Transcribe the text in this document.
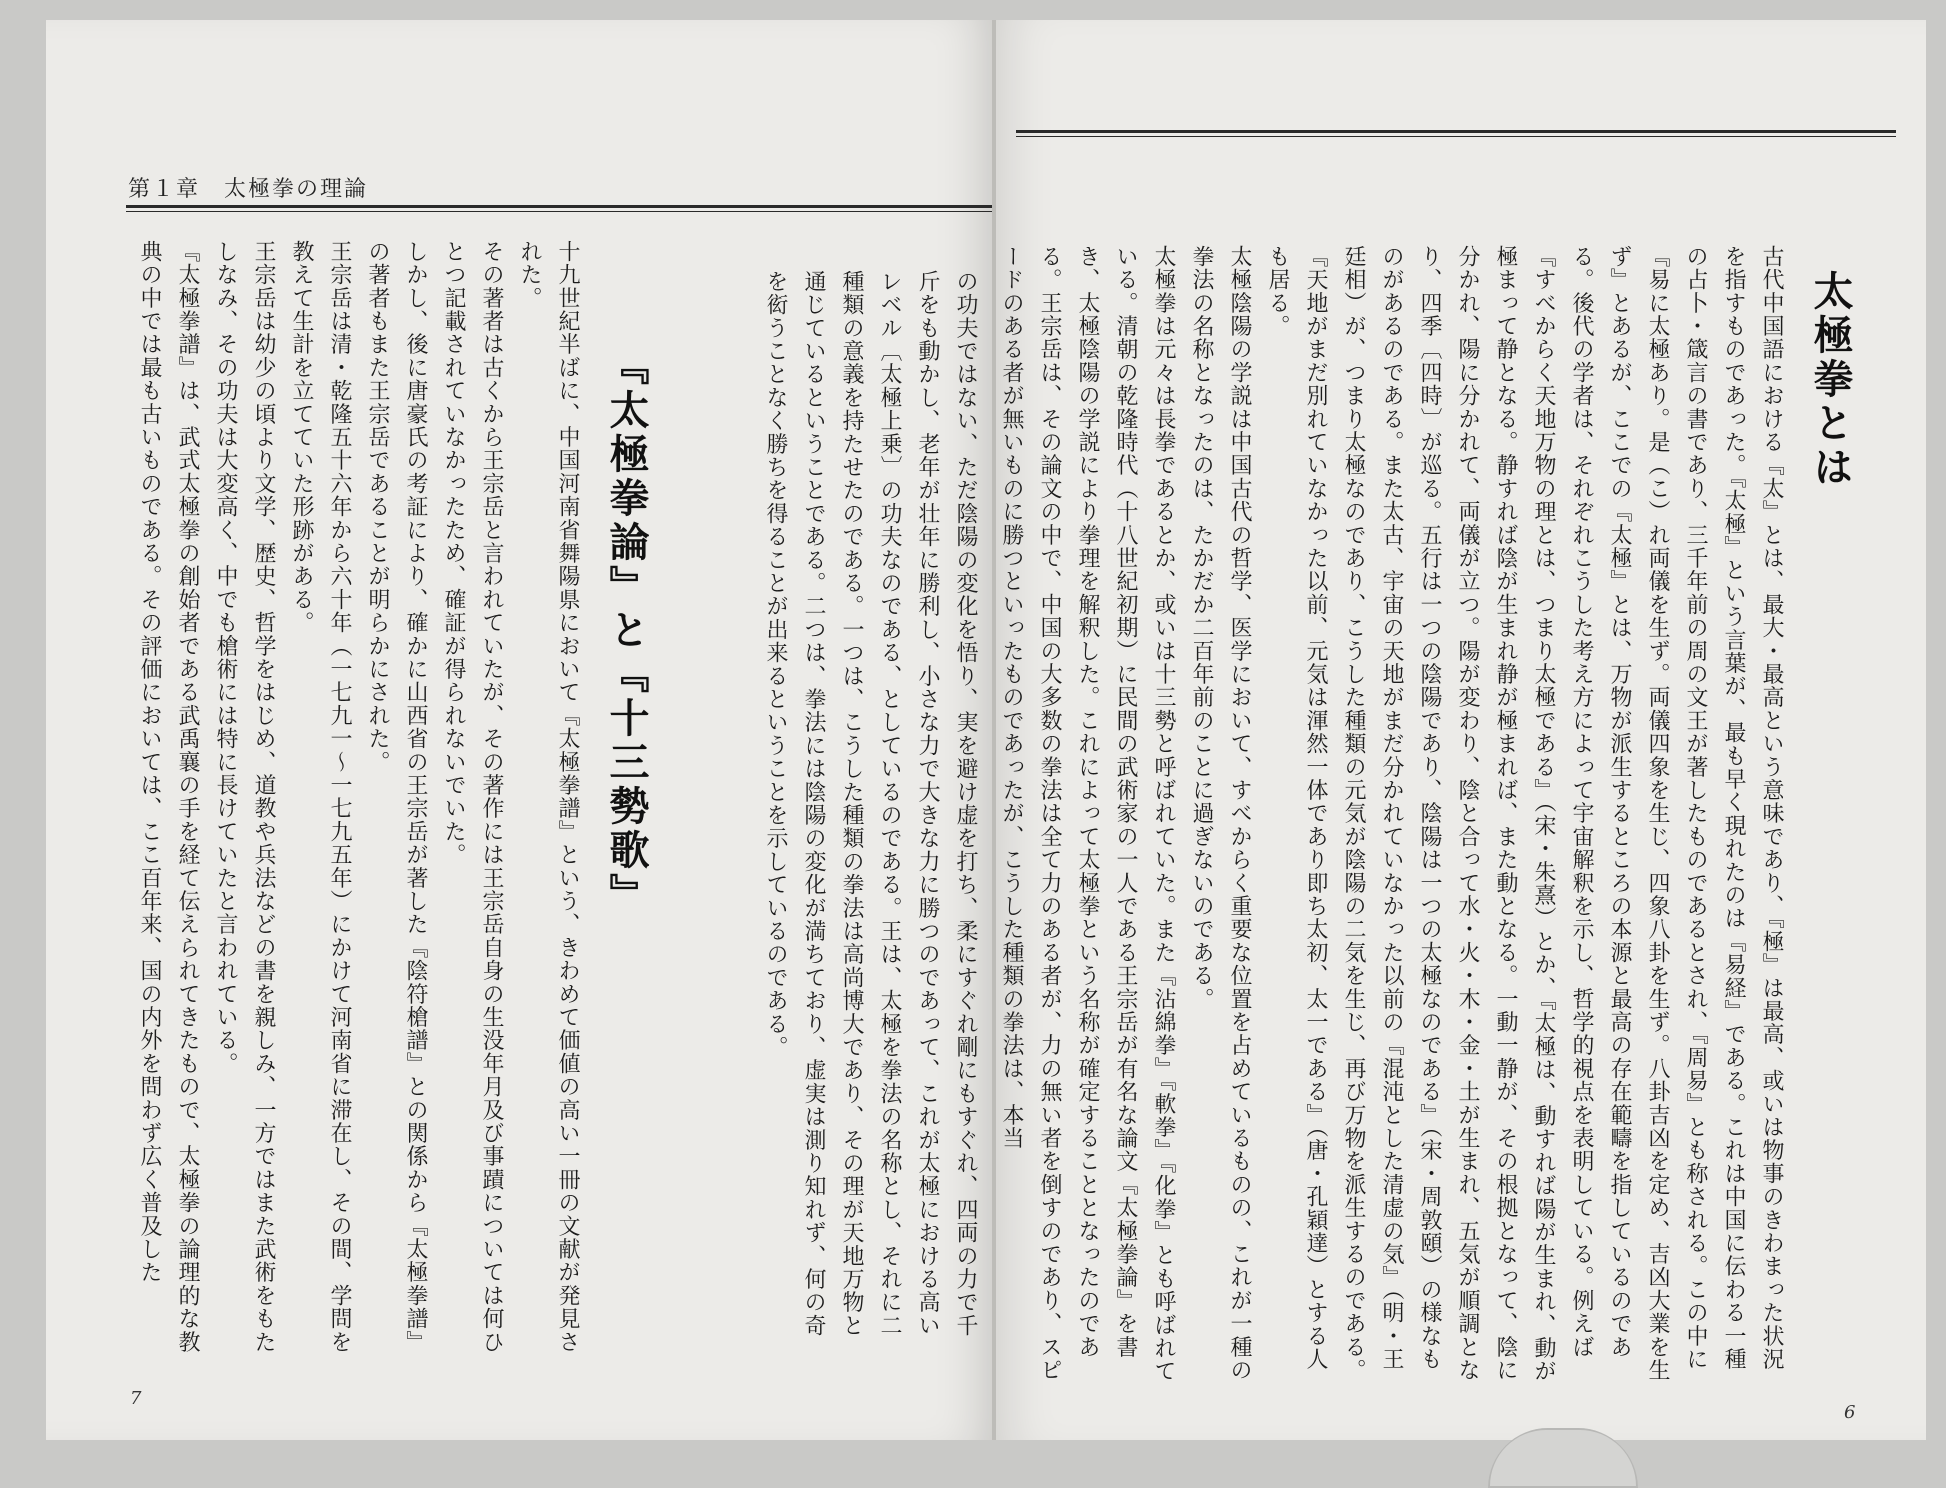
第１章　太極拳の理論

十九世紀半ばに、中国河南省舞陽県において『太極拳譜』という、きわめて価値の高い一冊の文献が発見された。

その著者は古くから王宗岳と言われていたが、その著作には王宗岳自身の生没年月及び事蹟については何ひとつ記載されていなかったため、確証が得られないでいた。

しかし、後に唐豪氏の考証により、確かに山西省の王宗岳が著した『陰符槍譜』との関係から『太極拳譜』の著者もまた王宗岳であることが明らかにされた。

王宗岳は清・乾隆五十六年から六十年（一七九一〜一七九五年）にかけて河南省に滞在し、その間、学問を教えて生計を立てていた形跡がある。

王宗岳は幼少の頃より文学、歴史、哲学をはじめ、道教や兵法などの書を親しみ、一方ではまた武術をもたしなみ、その功夫は大変高く、中でも槍術には特に長けていたと言われている。

『太極拳譜』は、武式太極拳の創始者である武禹襄の手を経て伝えられてきたもので、太極拳の論理的な教典の中では最も古いものである。その評価においては、ここ百年来、国の内外を問わず広く普及した	『太極拳論』と『十三勢歌』	の功夫ではない、ただ陰陽の変化を悟り、実を避け虚を打ち、柔にすぐれ剛にもすぐれ、四両の力で千斤をも動かし、老年が壮年に勝利し、小さな力で大きな力に勝つのであって、これが太極における高いレベル〔太極上乗〕の功夫なのである、としているのである。王は、太極を拳法の名称とし、それに二種類の意義を持たせたのである。一つは、こうした種類の拳法は高尚博大であり、その理が天地万物と通じているということである。二つは、拳法には陰陽の変化が満ちており、虚実は測り知れず、何の奇を衒うことなく勝ちを得ることが出来るということを示しているのである。

7

古代中国語における『太』とは、最大・最高という意味であり、『極』は最高、或いは物事のきわまった状況を指すものであった。『太極』という言葉が、最も早く現れたのは『易経』である。これは中国に伝わる一種の占卜・箴言の書であり、三千年前の周の文王が著したものであるとされ、『周易』とも称される。この中に『易に太極あり。是（こ）れ両儀を生ず。両儀四象を生じ、四象八卦を生ず。八卦吉凶を定め、吉凶大業を生ず』とあるが、ここでの『太極』とは、万物が派生するところの本源と最高の存在範疇を指しているのである。後代の学者は、それぞれこうした考え方によって宇宙解釈を示し、哲学的視点を表明している。例えば『すべからく天地万物の理とは、つまり太極である』（宋・朱熹）とか、『太極は、動すれば陽が生まれ、動が極まって静となる。静すれば陰が生まれ静が極まれば、また動となる。一動一静が、その根拠となって、陰に分かれ、陽に分かれて、両儀が立つ。陽が変わり、陰と合って水・火・木・金・土が生まれ、五気が順調となり、四季〔四時〕が巡る。五行は一つの陰陽であり、陰陽は一つの太極なのである』（宋・周敦頤）の様なものがあるのである。また太古、宇宙の天地がまだ分かれていなかった以前の『混沌とした清虚の気』（明・王廷相）が、つまり太極なのであり、こうした種類の元気が陰陽の二気を生じ、再び万物を派生するのである。『天地がまだ別れていなかった以前、元気は渾然一体であり即ち太初、太一である』（唐・孔穎達）とする人も居る。

太極陰陽の学説は中国古代の哲学、医学において、すべからく重要な位置を占めているものの、これが一種の拳法の名称となったのは、たかだか二百年前のことに過ぎないのである。

太極拳は元々は長拳であるとか、或いは十三勢と呼ばれていた。また『沾綿拳』『軟拳』『化拳』とも呼ばれている。清朝の乾隆時代（十八世紀初期）に民間の武術家の一人である王宗岳が有名な論文『太極拳論』を書き、太極陰陽の学説により拳理を解釈した。これによって太極拳という名称が確定することとなったのである。王宗岳は、その論文の中で、中国の大多数の拳法は全て力のある者が、力の無い者を倒すのであり、スピードのある者が無いものに勝つといったものであったが、こうした種類の拳法は、本当	太極拳とは
6
